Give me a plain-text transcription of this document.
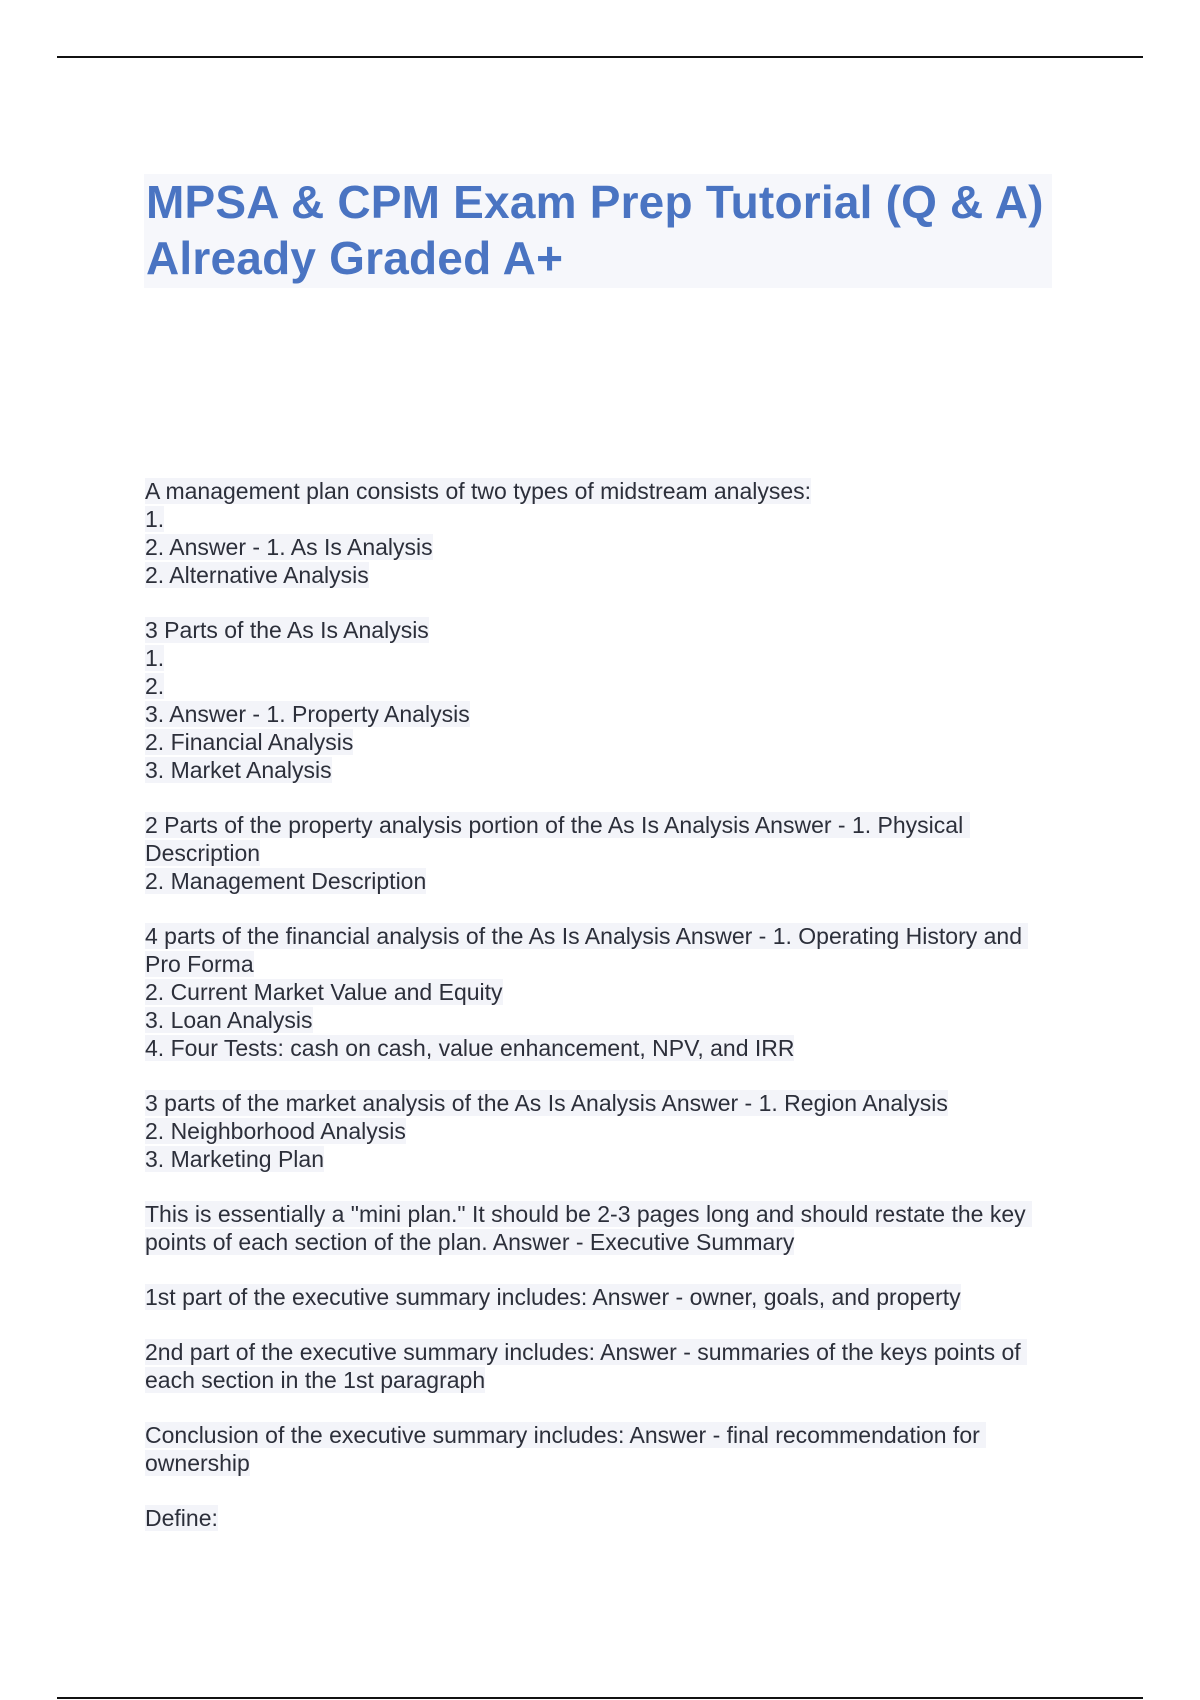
MPSA & CPM Exam Prep Tutorial (Q & A) Already Graded A+
A management plan consists of two types of midstream analyses:
1.
2. Answer - 1. As Is Analysis
2. Alternative Analysis
3 Parts of the As Is Analysis
1.
2.
3. Answer - 1. Property Analysis
2. Financial Analysis
3. Market Analysis
2 Parts of the property analysis portion of the As Is Analysis Answer - 1. Physical Description
2. Management Description
4 parts of the financial analysis of the As Is Analysis Answer - 1. Operating History and Pro Forma
2. Current Market Value and Equity
3. Loan Analysis
4. Four Tests: cash on cash, value enhancement, NPV, and IRR
3 parts of the market analysis of the As Is Analysis Answer - 1. Region Analysis
2. Neighborhood Analysis
3. Marketing Plan
This is essentially a "mini plan." It should be 2-3 pages long and should restate the key points of each section of the plan. Answer - Executive Summary
1st part of the executive summary includes: Answer - owner, goals, and property
2nd part of the executive summary includes: Answer - summaries of the keys points of each section in the 1st paragraph
Conclusion of the executive summary includes: Answer - final recommendation for ownership
Define:
